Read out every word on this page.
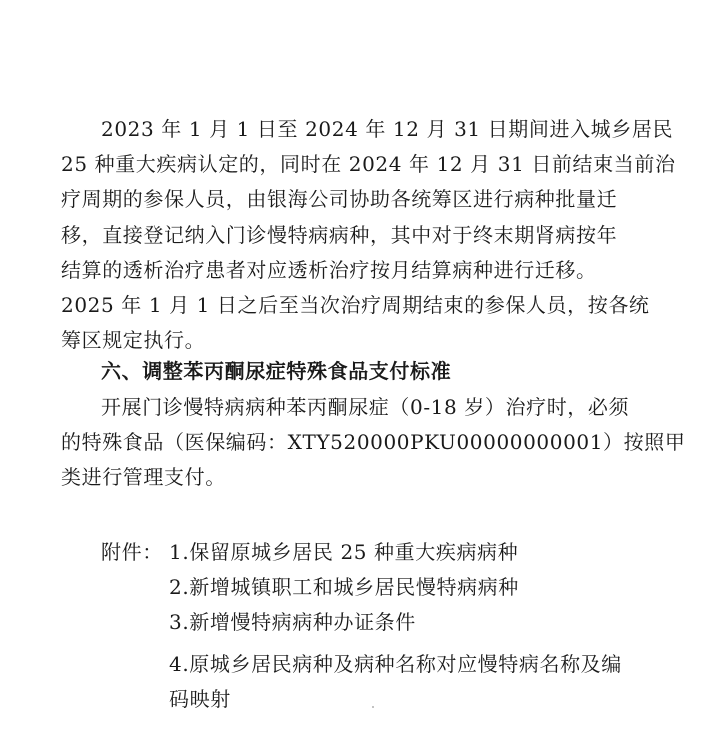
2023 年 1 月 1 日至 2024 年 12 月 31 日期间进入城乡居民
25 种重大疾病认定的，同时在 2024 年 12 月 31 日前结束当前治
疗周期的参保人员，由银海公司协助各统筹区进行病种批量迁
移，直接登记纳入门诊慢特病病种，其中对于终末期肾病按年
结算的透析治疗患者对应透析治疗按月结算病种进行迁移。
2025 年 1 月 1 日之后至当次治疗周期结束的参保人员，按各统
筹区规定执行。
六、调整苯丙酮尿症特殊食品支付标准
开展门诊慢特病病种苯丙酮尿症（0-18 岁）治疗时，必须
的特殊食品（医保编码：XTY520000PKU00000000001）按照甲
类进行管理支付。
附件： 1.保留原城乡居民 25 种重大疾病病种
2.新增城镇职工和城乡居民慢特病病种
3.新增慢特病病种办证条件
4.原城乡居民病种及病种名称对应慢特病名称及编
码映射
